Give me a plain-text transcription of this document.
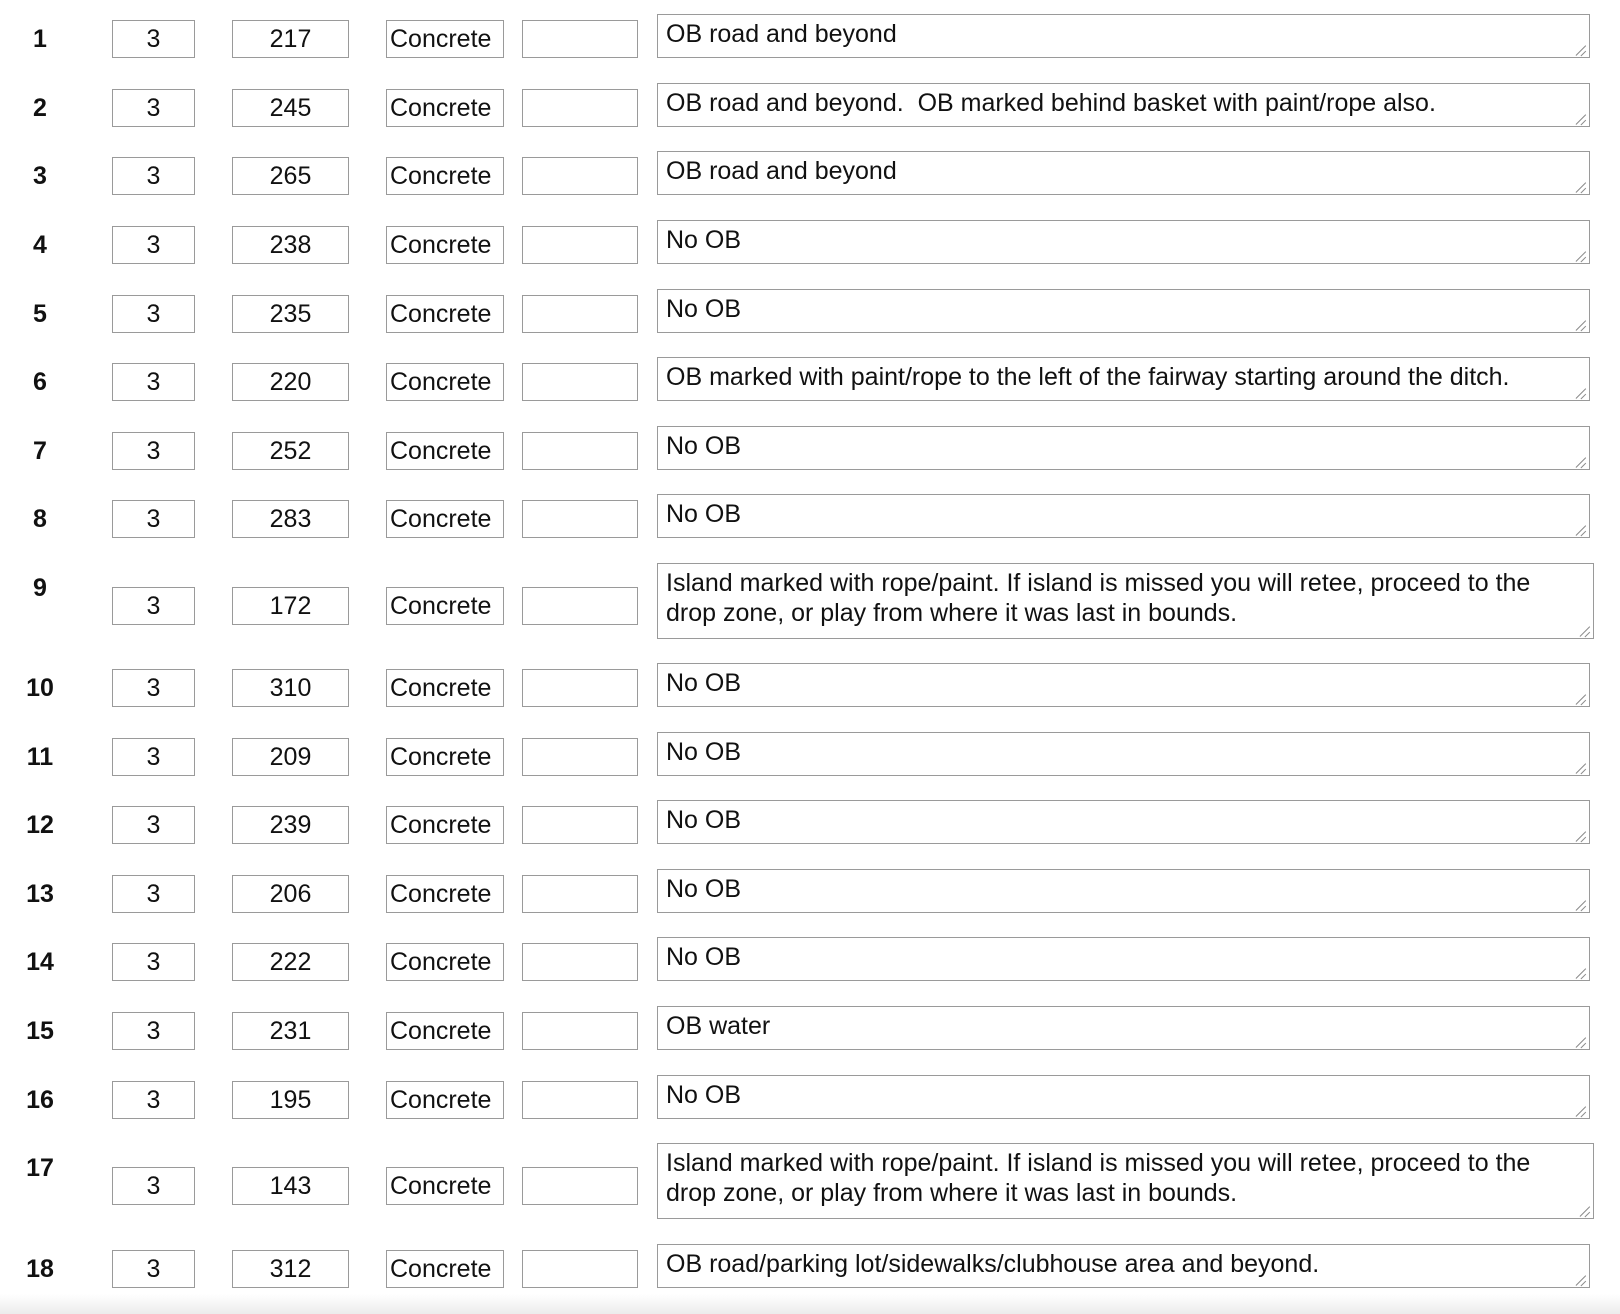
1
3
217	Concrete
OB road and beyond
2
3
245	Concrete
OB road and beyond. OB marked behind basket with paint/rope also.
3
3
265	Concrete
OB road and beyond
4
3
238	Concrete
No OB
5
3
235	Concrete
No OB
6
3
220	Concrete
OB marked with paint/rope to the left of the fairway starting around the ditch.
7
3
252	Concrete
No OB
8
3
283	Concrete
No OB
9
3
172
Concrete
Island marked with rope/paint. If island is missed you will retee, proceed to the drop zone, or play from where it was last in bounds.
10
3
310	Concrete
No OB
11
3
209	Concrete
No OB
12
3
239	Concrete
No OB
13
3
206	Concrete
No OB
14
3
222	Concrete
No OB
15
3
231	Concrete
OB water
16
3
195	Concrete
No OB
17
3
143
Concrete
Island marked with rope/paint. If island is missed you will retee, proceed to the drop zone, or play from where it was last in bounds.
18
3
312	Concrete
OB road/parking lot/sidewalks/clubhouse area and beyond.
